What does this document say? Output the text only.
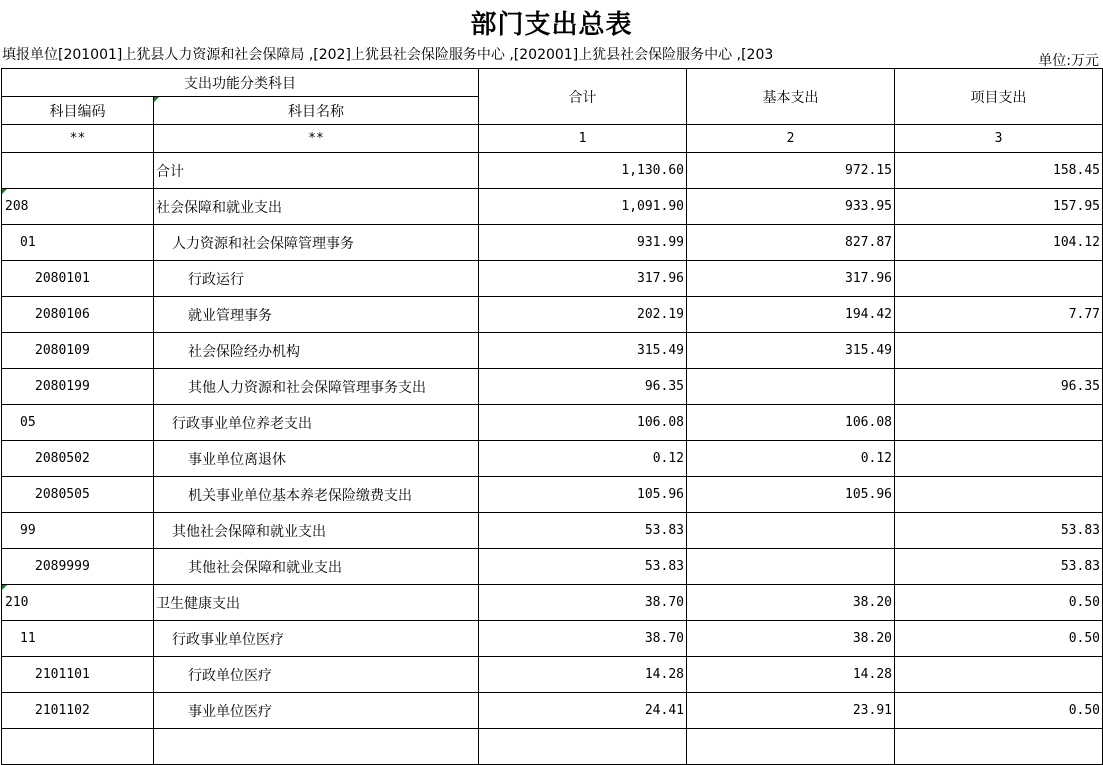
部门支出总表
填报单位[201001]上犹县人力资源和社会保障局 ,[202]上犹县社会保险服务中心 ,[202001]上犹县社会保险服务中心 ,[203	单位:万元
支出功能分类科目		合计	基本支出	项目支出
科目编码	科目名称			
**	**	1	2	3
	合计	1,130.60	972.15	158.45
208	社会保障和就业支出	1,091.90	933.95	157.95
01	人力资源和社会保障管理事务	931.99	827.87	104.12
2080101	行政运行	317.96	317.96	
2080106	就业管理事务	202.19	194.42	7.77
2080109	社会保险经办机构	315.49	315.49	
2080199	其他人力资源和社会保障管理事务支出	96.35		96.35
05	行政事业单位养老支出	106.08	106.08	
2080502	事业单位离退休	0.12	0.12	
2080505	机关事业单位基本养老保险缴费支出	105.96	105.96	
99	其他社会保障和就业支出	53.83		53.83
2089999	其他社会保障和就业支出	53.83		53.83
210	卫生健康支出	38.70	38.20	0.50
11	行政事业单位医疗	38.70	38.20	0.50
2101101	行政单位医疗	14.28	14.28	
2101102	事业单位医疗	24.41	23.91	0.50
